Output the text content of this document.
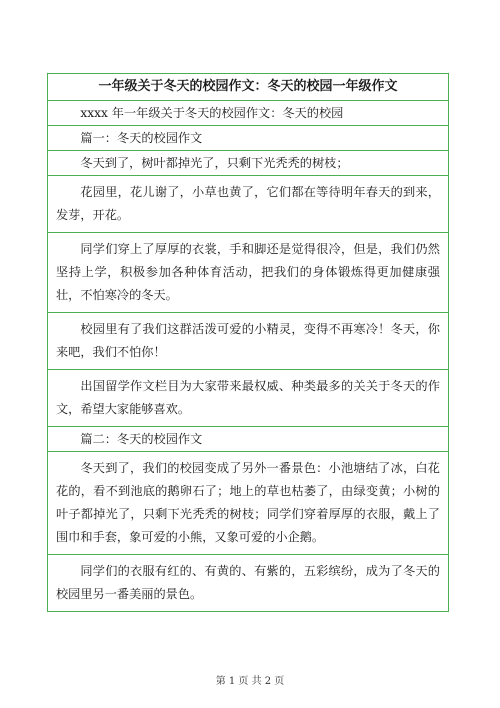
一年级关于冬天的校园作文：冬天的校园一年级作文
xxxx 年一年级关于冬天的校园作文：冬天的校园
篇一：冬天的校园作文
冬天到了，树叶都掉光了，只剩下光秃秃的树枝；
花园里，花儿谢了，小草也黄了，它们都在等待明年春天的到来，发芽，开花。
同学们穿上了厚厚的衣裳，手和脚还是觉得很冷，但是，我们仍然坚持上学，积极参加各种体育活动，把我们的身体锻炼得更加健康强壮，不怕寒冷的冬天。
校园里有了我们这群活泼可爱的小精灵，变得不再寒冷！冬天，你来吧，我们不怕你！
出国留学作文栏目为大家带来最权威、种类最多的关关于冬天的作文，希望大家能够喜欢。
篇二：冬天的校园作文
冬天到了，我们的校园变成了另外一番景色：小池塘结了冰，白花花的，看不到池底的鹅卵石了；地上的草也枯萎了，由绿变黄；小树的叶子都掉光了，只剩下光秃秃的树枝；同学们穿着厚厚的衣服，戴上了围巾和手套，象可爱的小熊，又象可爱的小企鹅。
同学们的衣服有红的、有黄的、有紫的，五彩缤纷，成为了冬天的校园里另一番美丽的景色。
第 1 页 共 2 页
